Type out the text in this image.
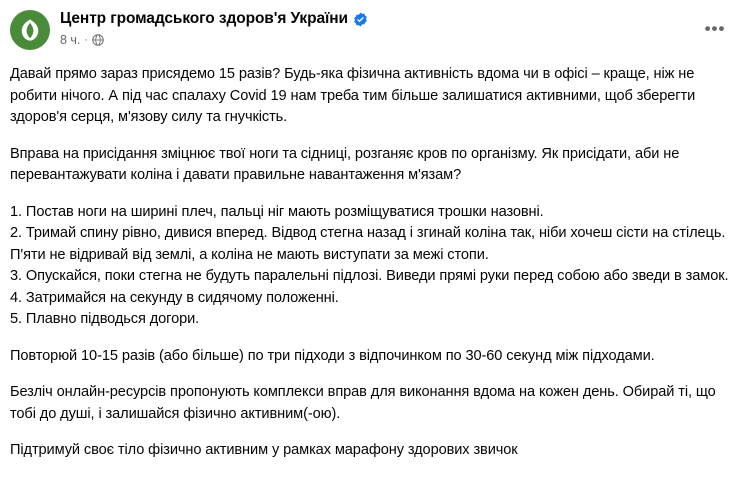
Центр громадського здоров'я України
8 ч. ·
•••

Давай прямо зараз присядемо 15 разів? Будь-яка фізична активність вдома чи в офісі – краще, ніж не робити нічого. А під час спалаху Covid 19 нам треба тим більше залишатися активними, щоб зберегти здоров'я серця, м'язову силу та гнучкість.

Вправа на присідання зміцнює твої ноги та сідниці, розганяє кров по організму. Як присідати, аби не перевантажувати коліна і давати правильне навантаження м'язам?

1. Постав ноги на ширині плеч, пальці ніг мають розміщуватися трошки назовні.
2. Тримай спину рівно, дивися вперед. Відвод стегна назад і згинай коліна так, ніби хочеш сісти на стілець. П'яти не відривай від землі, а коліна не мають виступати за межі стопи.
3. Опускайся, поки стегна не будуть паралельні підлозі. Виведи прямі руки перед собою або зведи в замок.
4. Затримайся на секунду в сидячому положенні.
5. Плавно підводься догори.

Повторюй 10-15 разів (або більше) по три підходи з відпочинком по 30-60 секунд між підходами.

Безліч онлайн-ресурсів пропонують комплекси вправ для виконання вдома на кожен день. Обирай ті, що тобі до душі, і залишайся фізично активним(-ою).

Підтримуй своє тіло фізично активним у рамках марафону здорових звичок
